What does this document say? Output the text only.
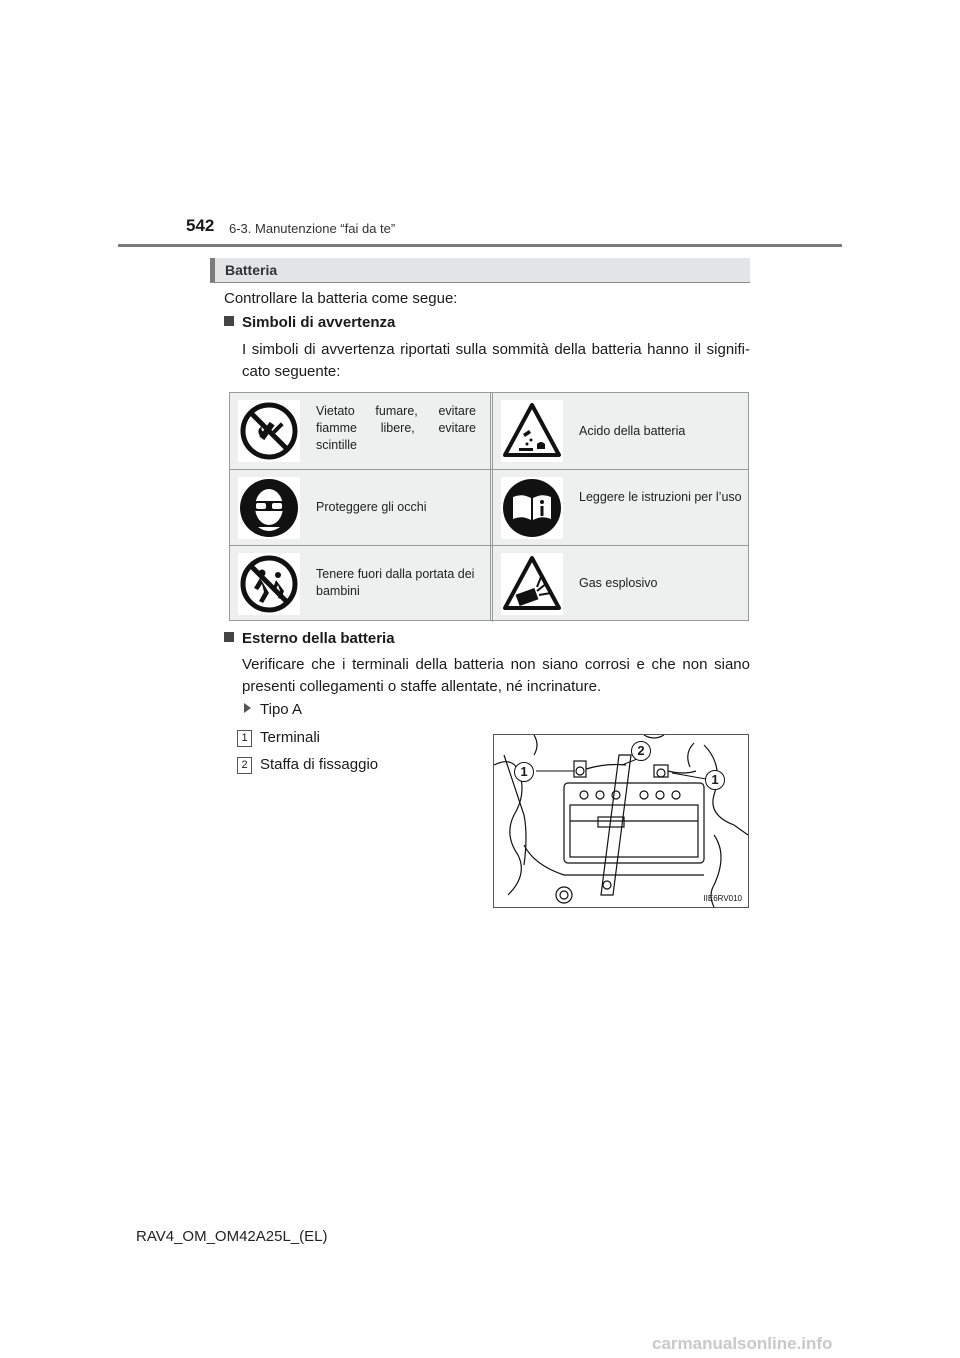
542 6-3. Manutenzione “fai da te”
Batteria
Controllare la batteria come segue:
Simboli di avvertenza
I simboli di avvertenza riportati sulla sommità della batteria hanno il signifi- cato seguente:
Vietato fumare, evitare fiamme libere, evitare scintille
Acido della batteria
Proteggere gli occhi
Leggere le istruzioni per l’uso
Tenere fuori dalla portata dei bambini
Gas esplosivo
Esterno della batteria
Verificare che i terminali della batteria non siano corrosi e che non siano presenti collegamenti o staffe allentate, né incrinature.
Tipo A
1 Terminali
2 Staffa di fissaggio	1
2
1
IIE6RV010
RAV4_OM_OM42A25L_(EL)
carmanualsonline.info
